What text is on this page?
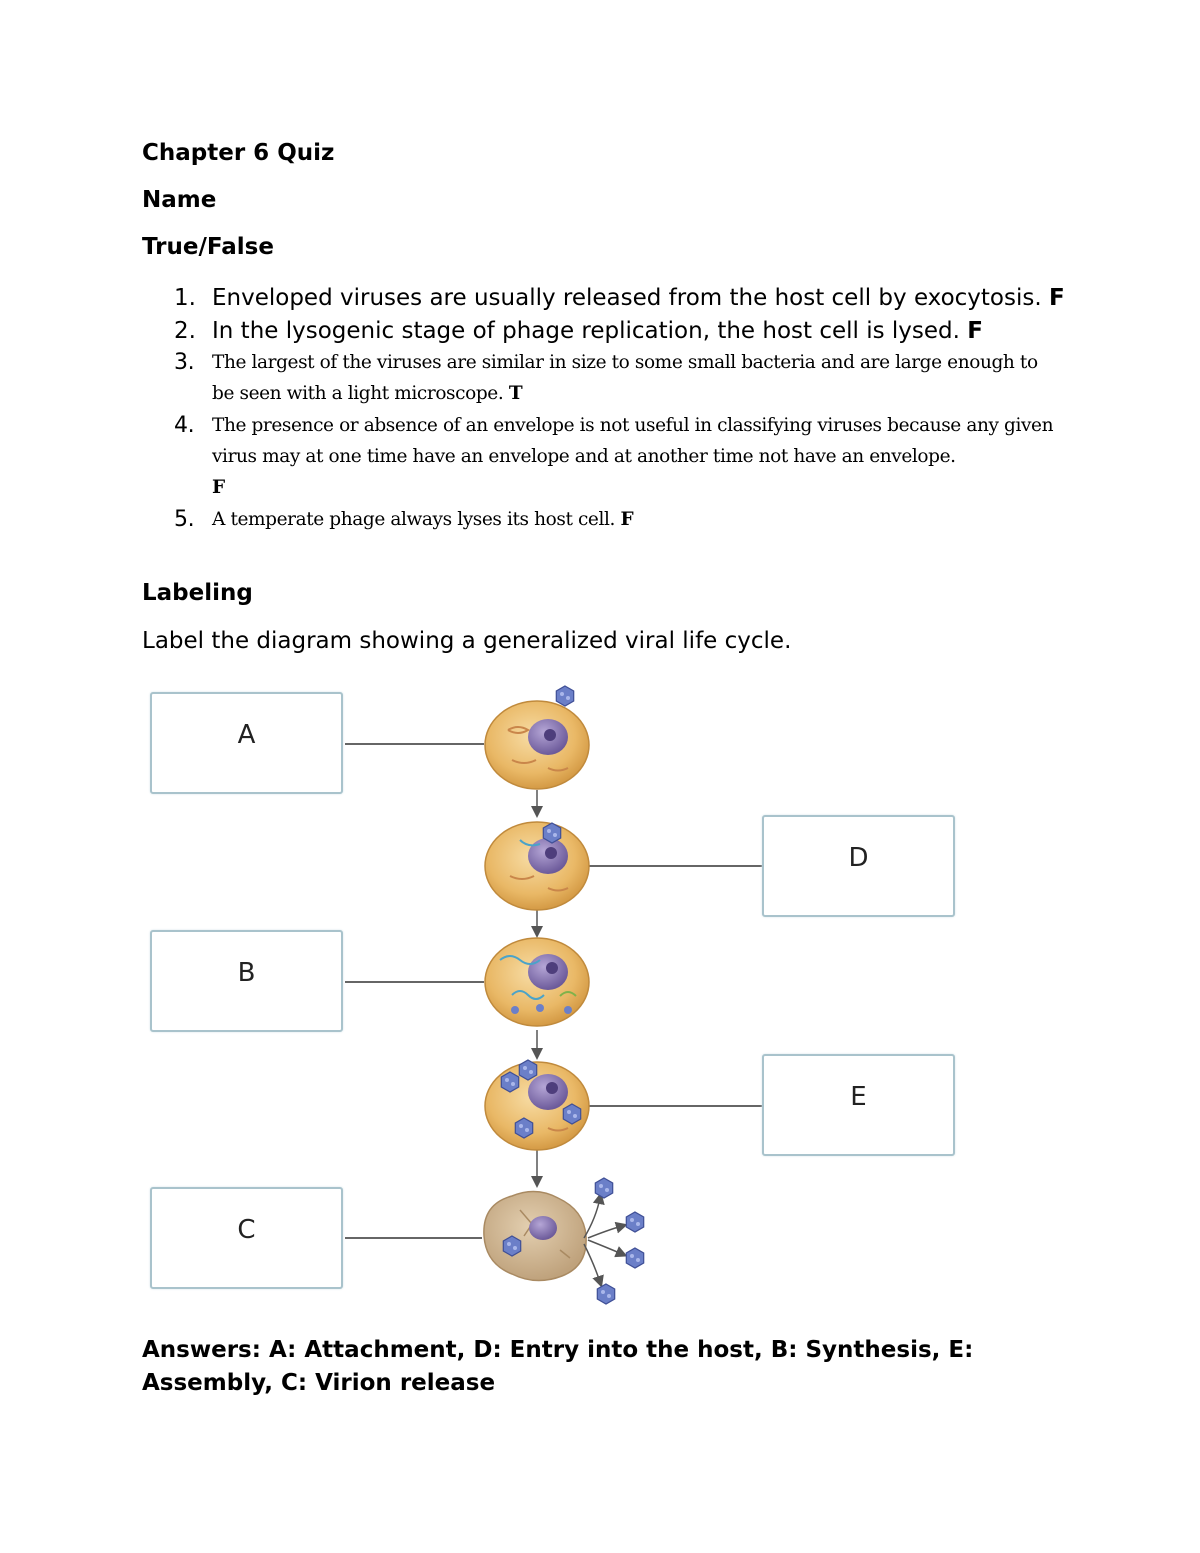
Chapter 6 Quiz
Name
True/False

1. Enveloped viruses are usually released from the host cell by exocytosis. F

2. In the lysogenic stage of phage replication, the host cell is lysed. F

3. The largest of the viruses are similar in size to some small bacteria and are large enough to be seen with a light microscope. T

4. The presence or absence of an envelope is not useful in classifying viruses because any given virus may at one time have an envelope and at another time not have an envelope.
F

5. A temperate phage always lyses its host cell. F

Labeling
Label the diagram showing a generalized viral life cycle.
A
D
B
E
C
Answers: A: Attachment, D: Entry into the host, B: Synthesis, E: Assembly, C: Virion release
